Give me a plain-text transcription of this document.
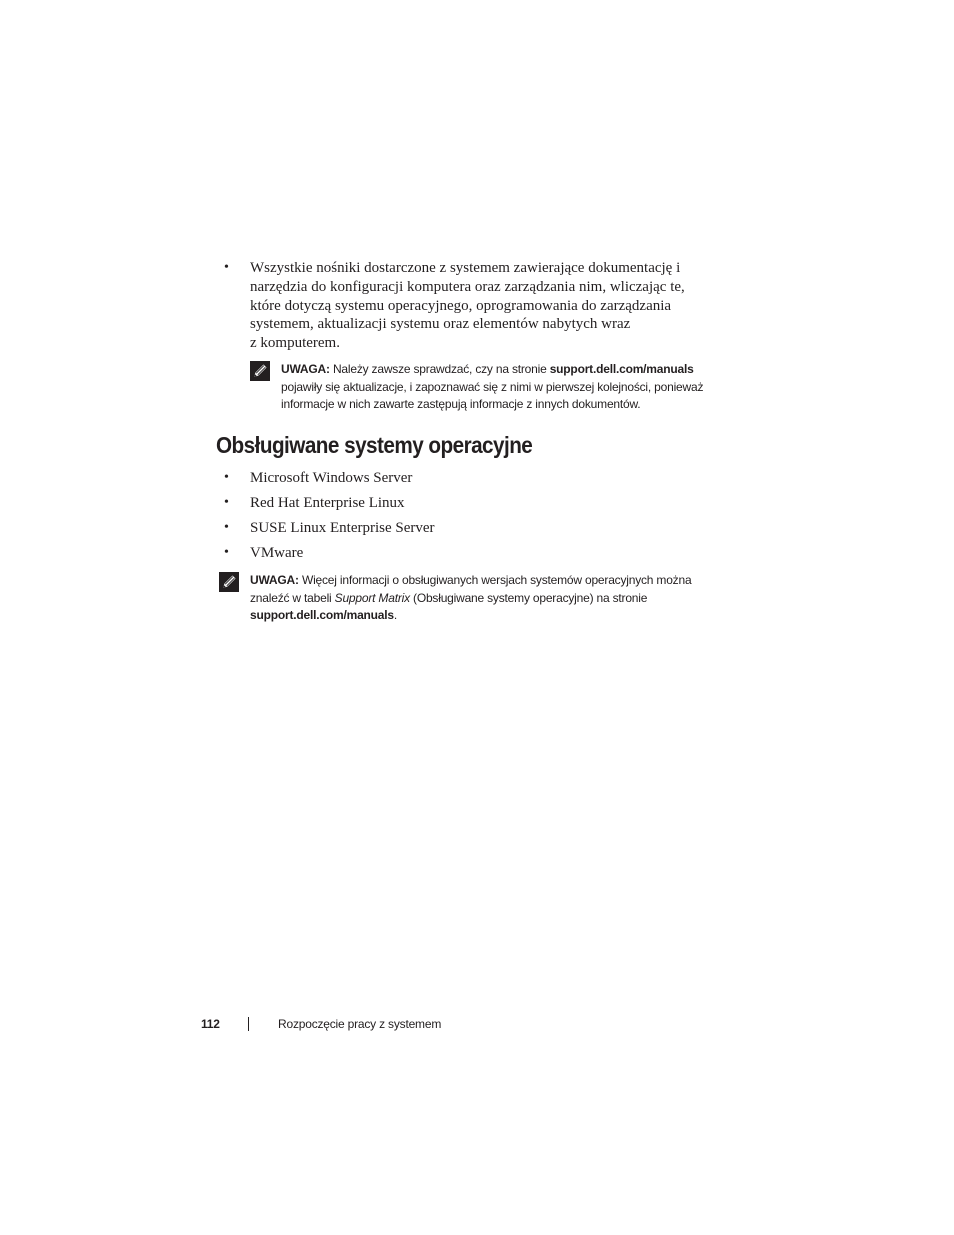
• Wszystkie nośniki dostarczone z systemem zawierające dokumentację i
narzędzia do konfiguracji komputera oraz zarządzania nim, wliczając te,
które dotyczą systemu operacyjnego, oprogramowania do zarządzania
systemem, aktualizacji systemu oraz elementów nabytych wraz
z komputerem.
UWAGA: Należy zawsze sprawdzać, czy na stronie support.dell.com/manuals
pojawiły się aktualizacje, i zapoznawać się z nimi w pierwszej kolejności, ponieważ
informacje w nich zawarte zastępują informacje z innych dokumentów.
Obsługiwane systemy operacyjne
• Microsoft Windows Server
• Red Hat Enterprise Linux
• SUSE Linux Enterprise Server
• VMware
UWAGA: Więcej informacji o obsługiwanych wersjach systemów operacyjnych można
znaleźć w tabeli Support Matrix (Obsługiwane systemy operacyjne) na stronie
support.dell.com/manuals.
112	Rozpoczęcie pracy z systemem
